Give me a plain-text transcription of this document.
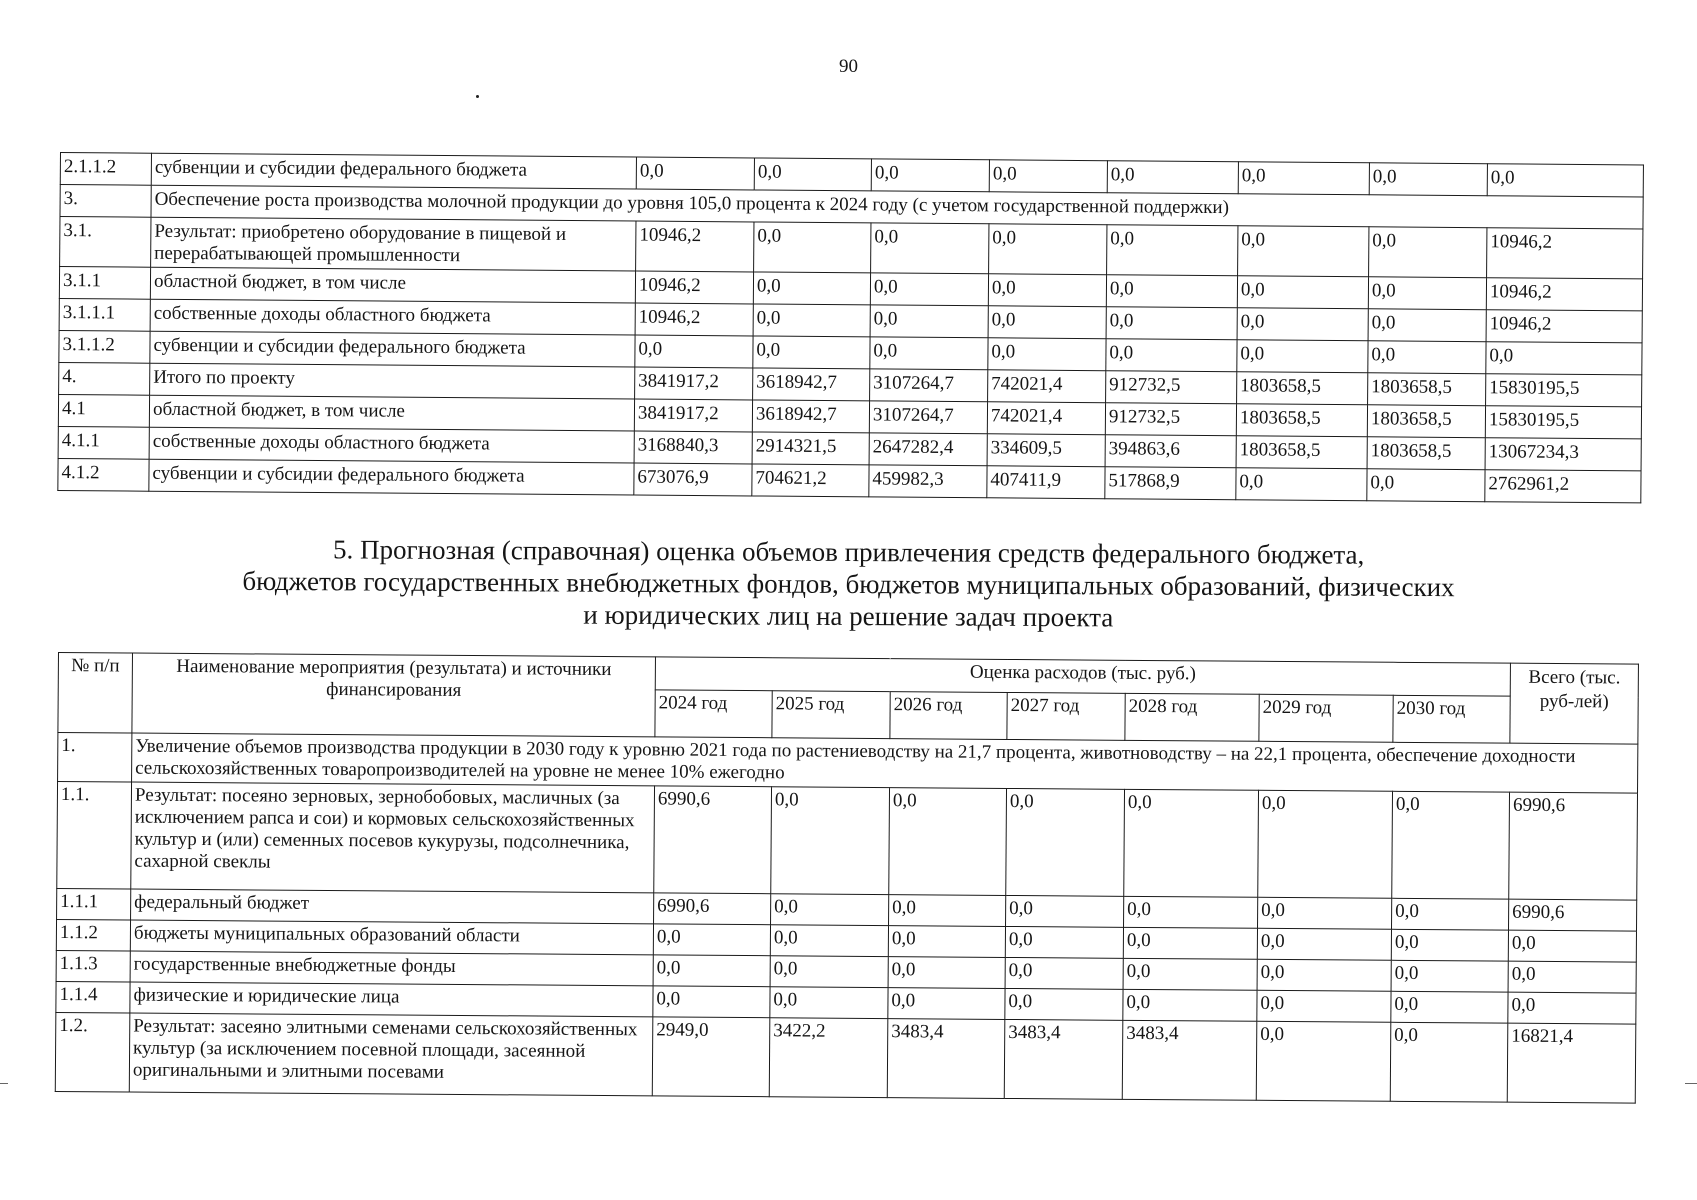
90
2.1.1.2	субвенции и субсидии федерального бюджета	0,0	0,0	0,0	0,0	0,0	0,0	0,0	0,0
3.	Обеспечение роста производства молочной продукции до уровня 105,0 процента к 2024 году (с учетом государственной поддержки)								
3.1.	Результат: приобретено оборудование в пищевой и перерабатывающей промышленности	10946,2	0,0	0,0	0,0	0,0	0,0	0,0	10946,2
3.1.1	областной бюджет, в том числе	10946,2	0,0	0,0	0,0	0,0	0,0	0,0	10946,2
3.1.1.1	собственные доходы областного бюджета	10946,2	0,0	0,0	0,0	0,0	0,0	0,0	10946,2
3.1.1.2	субвенции и субсидии федерального бюджета	0,0	0,0	0,0	0,0	0,0	0,0	0,0	0,0
4.	Итого по проекту	3841917,2	3618942,7	3107264,7	742021,4	912732,5	1803658,5	1803658,5	15830195,5
4.1	областной бюджет, в том числе	3841917,2	3618942,7	3107264,7	742021,4	912732,5	1803658,5	1803658,5	15830195,5
4.1.1	собственные доходы областного бюджета	3168840,3	2914321,5	2647282,4	334609,5	394863,6	1803658,5	1803658,5	13067234,3
4.1.2	субвенции и субсидии федерального бюджета	673076,9	704621,2	459982,3	407411,9	517868,9	0,0	0,0	2762961,2
5. Прогнозная (справочная) оценка объемов привлечения средств федерального бюджета,
бюджетов государственных внебюджетных фондов, бюджетов муниципальных образований, физических
и юридических лиц на решение задач проекта
№ п/п	Наименование мероприятия (результата) и источники финансирования	Оценка расходов (тыс. руб.)							Всего (тыс. руб-лей)
		2024 год	2025 год	2026 год	2027 год	2028 год	2029 год	2030 год	
1.	Увеличение объемов производства продукции в 2030 году к уровню 2021 года по растениеводству на 21,7 процента, животноводству – на 22,1 процента, обеспечение доходности сельскохозяйственных товаропроизводителей на уровне не менее 10% ежегодно								
1.1.	Результат: посеяно зерновых, зернобобовых, масличных (за исключением рапса и сои) и кормовых сельскохозяйственных культур и (или) семенных посевов кукурузы, подсолнечника, сахарной свеклы	6990,6	0,0	0,0	0,0	0,0	0,0	0,0	6990,6
1.1.1	федеральный бюджет	6990,6	0,0	0,0	0,0	0,0	0,0	0,0	6990,6
1.1.2	бюджеты муниципальных образований области	0,0	0,0	0,0	0,0	0,0	0,0	0,0	0,0
1.1.3	государственные внебюджетные фонды	0,0	0,0	0,0	0,0	0,0	0,0	0,0	0,0
1.1.4	физические и юридические лица	0,0	0,0	0,0	0,0	0,0	0,0	0,0	0,0
1.2.	Результат: засеяно элитными семенами сельскохозяйственных культур (за исключением посевной площади, засеянной оригинальными и элитными посевами	2949,0	3422,2	3483,4	3483,4	3483,4	0,0	0,0	16821,4
